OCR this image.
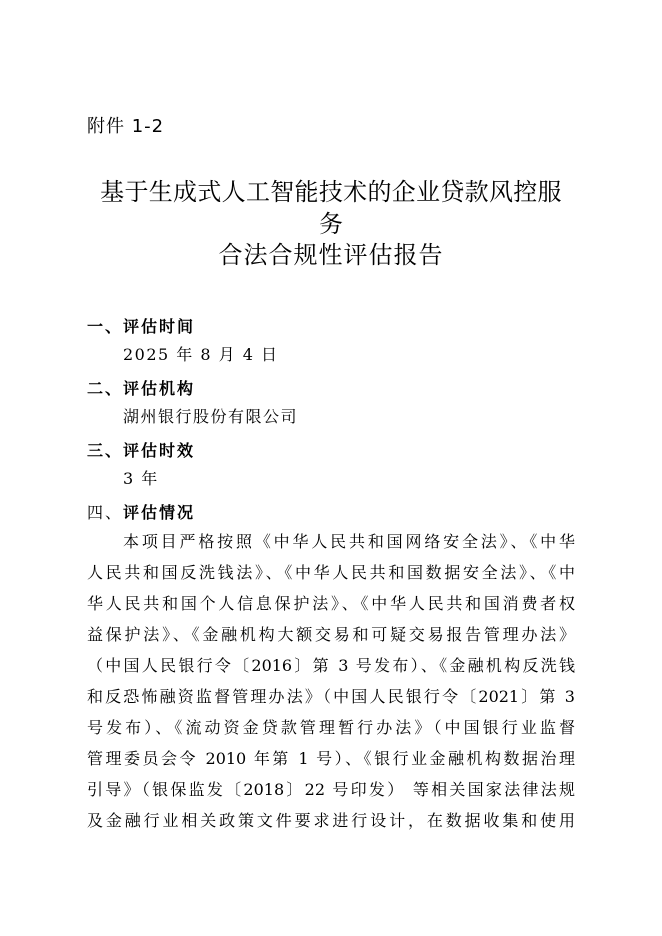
附件 1-2
基于生成式人工智能技术的企业贷款风控服
务
合法合规性评估报告
一、评估时间
2025 年 8 月 4 日
二、评估机构
湖州银行股份有限公司
三、评估时效
3 年
四、评估情况
本项目严格按照《中华人民共和国网络安全法》、《中华
人民共和国反洗钱法》、《中华人民共和国数据安全法》、《中
华人民共和国个人信息保护法》、《中华人民共和国消费者权
益保护法》、《金融机构大额交易和可疑交易报告管理办法》
（中国人民银行令〔2016〕第 3 号发布）、《金融机构反洗钱
和反恐怖融资监督管理办法》（中国人民银行令〔2021〕第 3
号发布）、《流动资金贷款管理暂行办法》（中国银行业监督
管理委员会令 2010 年第 1 号）、《银行业金融机构数据治理
引导》（银保监发〔2018〕22 号印发） 等相关国家法律法规
及金融行业相关政策文件要求进行设计，在数据收集和使用
